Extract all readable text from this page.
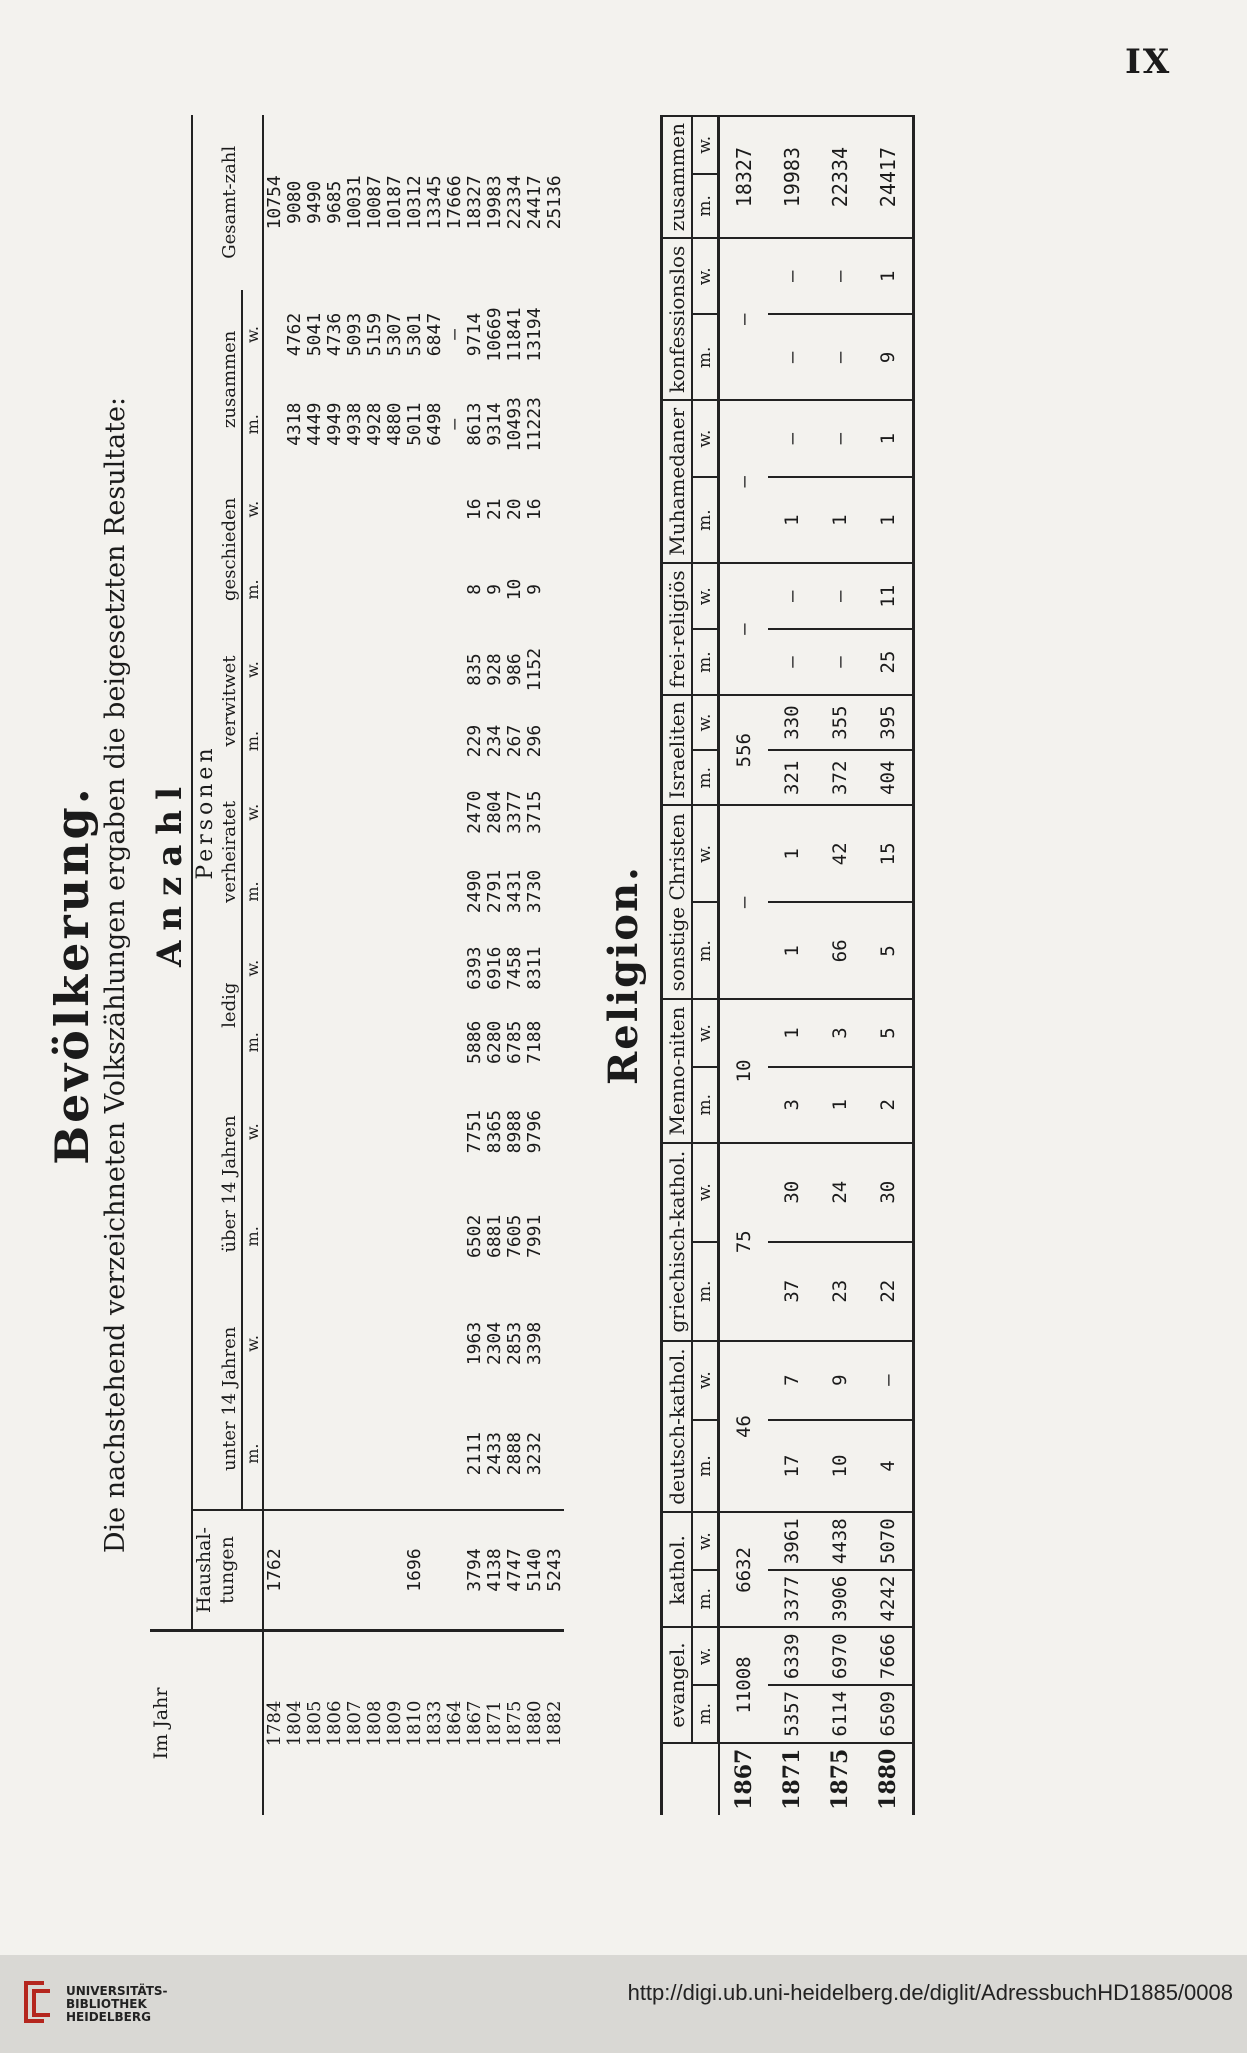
IX
Bevölkerung. Die nachstehend verzeichneten Volkszählungen ergaben die beigesetzten Resultate:
Im Jahr	Anzahl															
	Haushal-tungen	Personen														
		unter 14 Jahren		über 14 Jahren		ledig		verheiratet		verwitwet		geschieden		zusammen		Gesamt-zahl
		m.	w.	m.	w.	m.	w.	m.	w.	m.	w.	m.	w.	m.	w.	
1784	1762															10754
1804														4318	4762	9080
1805														4449	5041	9490
1806														4949	4736	9685
1807														4938	5093	10031
1808														4928	5159	10087
1809														4880	5307	10187
1810	1696													5011	5301	10312
1833														6498	6847	13345
1864														—	—	17666
1867	3794	2111	1963	6502	7751	5886	6393	2490	2470	229	835	8	16	8613	9714	18327
1871	4138	2433	2304	6881	8365	6280	6916	2791	2804	234	928	9	21	9314	10669	19983
1875	4747	2888	2853	7605	8988	6785	7458	3431	3377	267	986	10	20	10493	11841	22334
1880	5140	3232	3398	7991	9796	7188	8311	3730	3715	296	1152	9	16	11223	13194	24417
1882	5243															25136
Religion.
	evangel.		kathol.		deutsch-kathol.		griechisch-kathol.		Menno-niten		sonstige Christen		Israeliten		frei-religiös		Muhamedaner		konfessionslos		zusammen	
	m.	w.	m.	w.	m.	w.	m.	w.	m.	w.	m.	w.	m.	w.	m.	w.	m.	w.	m.	w.	m.	w.
1867	11008		6632		46		75		10		—		556		—		—		—		18327	
1871	5357	6339	3377	3961	17	7	37	30	3	1	1	1	321	330	—	—	1	—	—	—	19983	
1875	6114	6970	3906	4438	10	9	23	24	1	3	66	42	372	355	—	—	1	—	—	—	22334	
1880	6509	7666	4242	5070	4	—	22	30	2	5	5	15	404	395	25	11	1	1	9	1	24417	
UNIVERSITÄTS-
BIBLIOTHEK
HEIDELBERG
http://digi.ub.uni-heidelberg.de/diglit/AdressbuchHD1885/0008
